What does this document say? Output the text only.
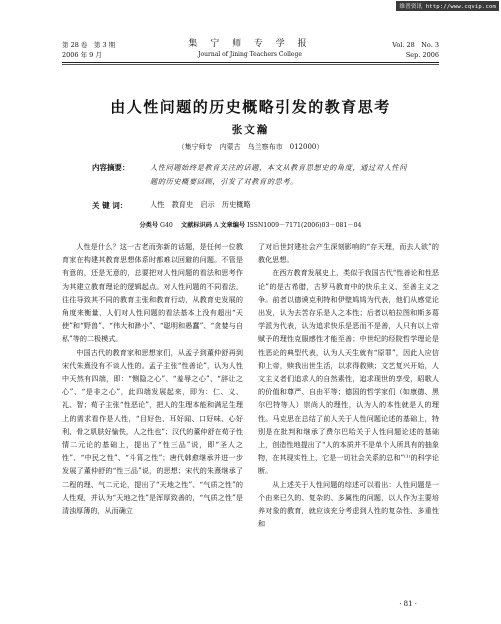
维普资讯 http://www.cqvip.com
第 28 卷　第 3 期
2006 年 9 月
集 宁 师 专 学 报
Journal of Jining Teachers College
Vol. 28　No. 3
Sep. 2006
由人性问题的历史概略引发的教育思考
张文瀚
（集宁师专　内蒙古　乌兰察布市　012000）
内容摘要：	人性问题始终是教育关注的话题，本文从教育思想史的角度，通过对人性问题的历史概要回顾，引发了对教育的思考。
关 键 词：	人性　教育史　启示　历史概略
分类号 G40　 文献标识码 A 文章编号 ISSN1009－7171(2006)03－081－04

人性是什么？这一古老而弥新的话题，是任何一位教育家在构建其教育思想体系时都难以回避的问题。不管是有意的，还是无意的，总要把对人性问题的看法和思考作为其建立教育理论的逻辑起点。对人性问题的不同看法，往往导致其不同的教育主张和教育行动，从教育史发展的角度来衡量，人们对人性问题的看法基本上没有超出“天使”和“野兽”、“伟大和渺小”、“聪明和愚蠢”、“贪婪与自私”等的二极模式。

中国古代的教育家和思想家们，从孟子到董仲舒再到宋代朱熹没有不谈人性的。孟子主张“性善论”，认为人性中天然有四端，即：“恻隐之心”、“羞辱之心”、“辞让之心”、“是非之心”，此四端发展起来，即为：仁、义、礼、智；荀子主张“性恶论”，把人的生理本能和满足生理上的需求看作是人性，“目好色、耳好闻、口好味、心好利、骨之肌肤好愉佚，人之性也”；汉代的董仲舒在荀子性情二元论的基础上，提出了“性三品”说，即“圣人之性”、“中民之性”、“斗筲之性”；唐代韩愈继承并进一步发展了董仲舒的“性三品”说，的思想；宋代的朱熹继承了二程的理、气二元论，提出了“天地之性”、“气质之性”的人性观，并认为“天地之性”是浑厚致善的，“气质之性”是清浊厚薄的，从而确立

了对后世封建社会产生深刻影响的“存天理，而去人欲”的教化思想。

在西方教育发展史上，类似于我国古代“性善论和性恶论”的是古希腊，古罗马教育中的快乐主义、至善主义之争。前者以德谟克利特和伊壁鸠鸠为代表，他们从感觉论出发，认为去苦存乐是人之本性；后者以柏拉图和斯多葛学派为代表，认为追求快乐是恶而不是善，人只有以上帝赋予的理性克服感性才能至善；中世纪的经院哲学理论是性恶论的典型代表，认为人天生就有“原罪”，因此人应信仰上帝，赎我出世生活，以求得救赎；文艺复兴开始，人文主义者们追求人的自然素性，追求现世的享受，昭歌人的价值和尊严、自由平等；德国的哲学家们（如康德、黑尔巴特等人）崇尚人的理性，认为人的本性就是人的理性。马克思在总结了前人关于人性问题论述的基础上，特别是在批判和继承了费尔巴哈关于人性问题论述的基础上，创造性地提出了“人的本质并不是单个人所具有的抽象物，在其现实性上，它是一切社会关系的总和”⁽¹⁾的科学论断。

从上述关于人性问题的综述可以看出：人性问题是一个由来已久的、复杂的、多属性的问题，以人作为主要培养对象的教育，就应该充分考虑到人性的复杂性、多重性和

· 81 ·
